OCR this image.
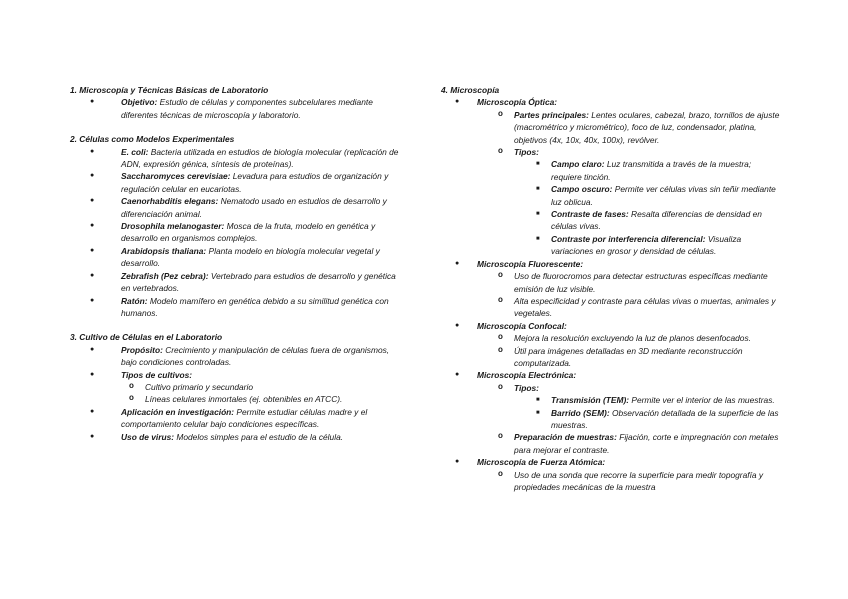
1. Microscopía y Técnicas Básicas de Laboratorio
● Objetivo: Estudio de células y componentes subcelulares mediante diferentes técnicas de microscopía y laboratorio.
2. Células como Modelos Experimentales
● E. coli: Bacteria utilizada en estudios de biología molecular (replicación de ADN, expresión génica, síntesis de proteínas).
● Saccharomyces cerevisiae: Levadura para estudios de organización y regulación celular en eucariotas.
● Caenorhabditis elegans: Nematodo usado en estudios de desarrollo y diferenciación animal.
● Drosophila melanogaster: Mosca de la fruta, modelo en genética y desarrollo en organismos complejos.
● Arabidopsis thaliana: Planta modelo en biología molecular vegetal y desarrollo.
● Zebrafish (Pez cebra): Vertebrado para estudios de desarrollo y genética en vertebrados.
● Ratón: Modelo mamífero en genética debido a su similitud genética con humanos.
3. Cultivo de Células en el Laboratorio
● Propósito: Crecimiento y manipulación de células fuera de organismos, bajo condiciones controladas.
● Tipos de cultivos:
o Cultivo primario y secundario
o Líneas celulares inmortales (ej. obtenibles en ATCC).
● Aplicación en investigación: Permite estudiar células madre y el comportamiento celular bajo condiciones específicas.
● Uso de virus: Modelos simples para el estudio de la célula.
4. Microscopía
● Microscopía Óptica:
o Partes principales: Lentes oculares, cabezal, brazo, tornillos de ajuste (macrométrico y micrométrico), foco de luz, condensador, platina, objetivos (4x, 10x, 40x, 100x), revólver.
o Tipos:
■ Campo claro: Luz transmitida a través de la muestra; requiere tinción.
■ Campo oscuro: Permite ver células vivas sin teñir mediante luz oblicua.
■ Contraste de fases: Resalta diferencias de densidad en células vivas.
■ Contraste por interferencia diferencial: Visualiza variaciones en grosor y densidad de células.
● Microscopía Fluorescente:
o Uso de fluorocromos para detectar estructuras específicas mediante emisión de luz visible.
o Alta especificidad y contraste para células vivas o muertas, animales y vegetales.
● Microscopía Confocal:
o Mejora la resolución excluyendo la luz de planos desenfocados.
o Útil para imágenes detalladas en 3D mediante reconstrucción computarizada.
● Microscopía Electrónica:
o Tipos:
■ Transmisión (TEM): Permite ver el interior de las muestras.
■ Barrido (SEM): Observación detallada de la superficie de las muestras.
o Preparación de muestras: Fijación, corte e impregnación con metales para mejorar el contraste.
● Microscopía de Fuerza Atómica:
o Uso de una sonda que recorre la superficie para medir topografía y propiedades mecánicas de la muestra
